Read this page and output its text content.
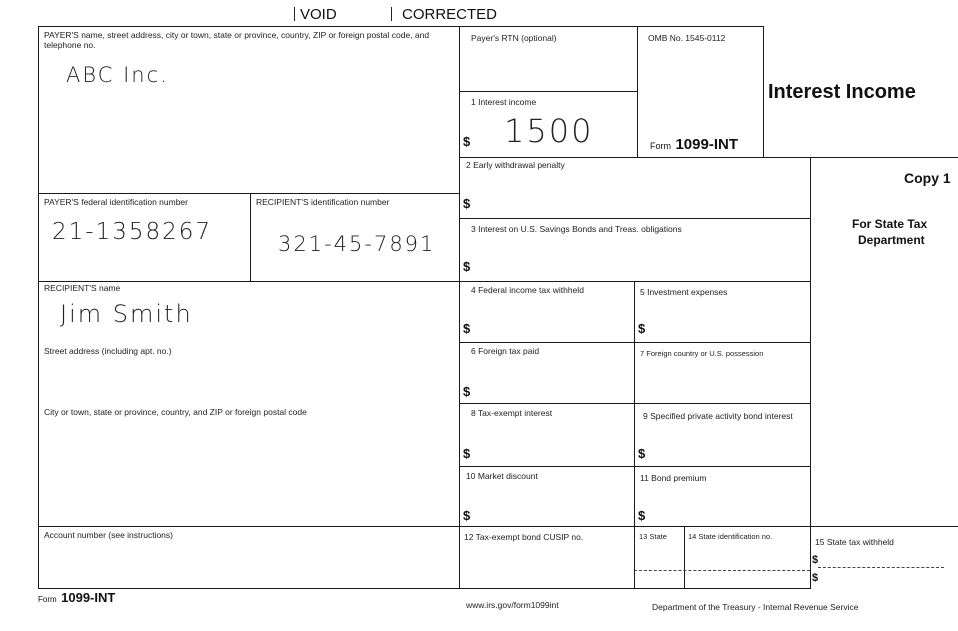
VOID	CORRECTED
PAYER'S name, street address, city or town, state or province, country, ZIP or foreign postal code, and telephone no.
ABC Inc.
Payer's RTN (optional)	OMB No. 1545-0112
Interest Income
1 Interest income
$ 1500	Form 1099-INT
2 Early withdrawal penalty
$
Copy 1
For State Tax
Department
PAYER'S federal identification number
21-1358267
RECIPIENT'S identification number
321-45-7891
3 Interest on U.S. Savings Bonds and Treas. obligations
$
RECIPIENT'S name
Jim Smith
Street address (including apt. no.)
City or town, state or province, country, and ZIP or foreign postal code
Account number (see instructions)
4 Federal income tax withheld
$
5 Investment expenses
$
6 Foreign tax paid
$
7 Foreign country or U.S. possession
8 Tax-exempt interest
$
9 Specified private activity bond interest
$
10 Market discount
$
11 Bond premium
$
12 Tax-exempt bond CUSIP no.	13 State	14 State identification no.
15 State tax withheld
$
$
Form 1099-INT	www.irs.gov/form1099int	Department of the Treasury - Internal Revenue Service
